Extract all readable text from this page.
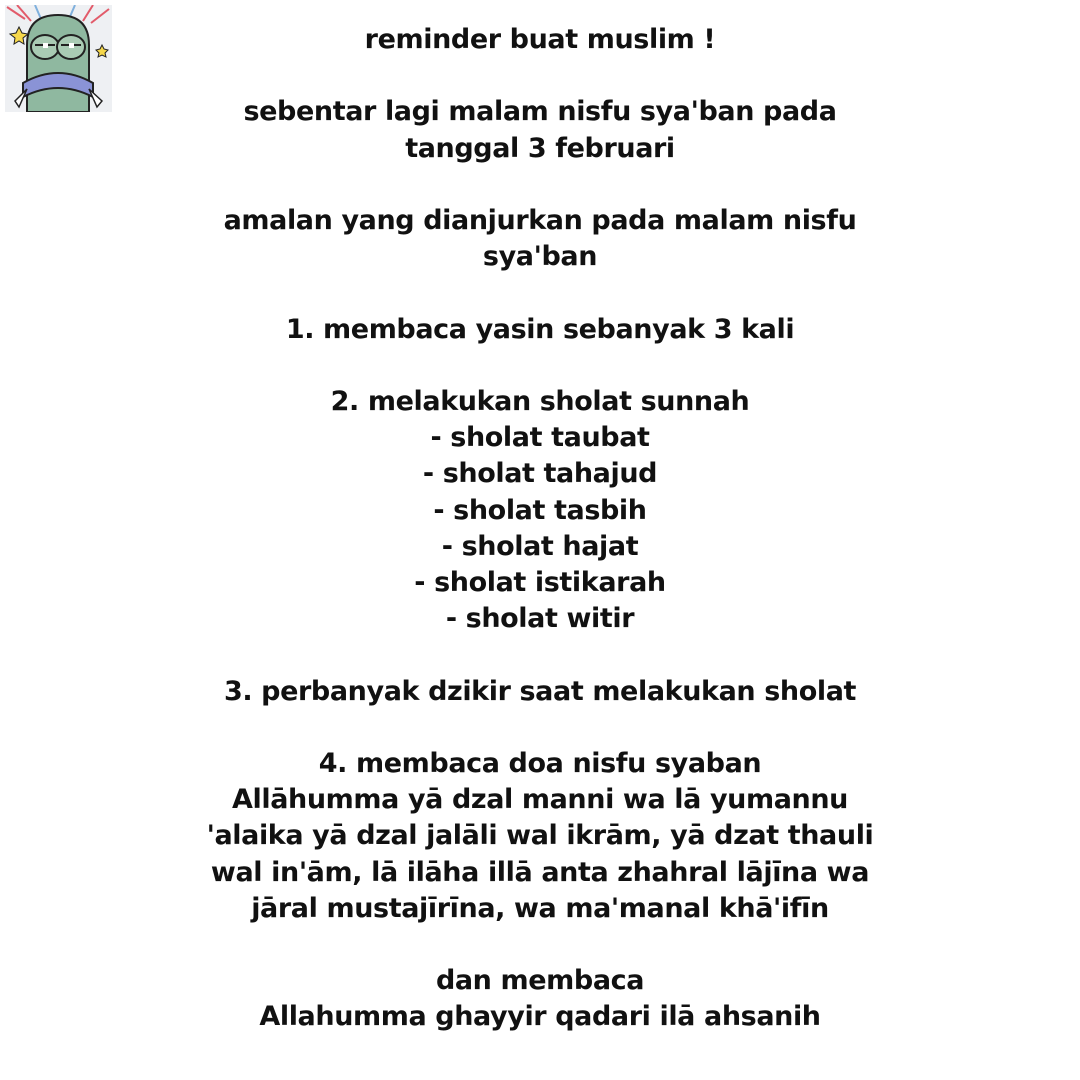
reminder buat muslim !
sebentar lagi malam nisfu sya'ban pada
tanggal 3 februari
amalan yang dianjurkan pada malam nisfu
sya'ban
1. membaca yasin sebanyak 3 kali
2. melakukan sholat sunnah
- sholat taubat
- sholat tahajud
- sholat tasbih
- sholat hajat
- sholat istikarah
- sholat witir
3. perbanyak dzikir saat melakukan sholat
4. membaca doa nisfu syaban
Allāhumma yā dzal manni wa lā yumannu
'alaika yā dzal jalāli wal ikrām, yā dzat thauli
wal in'ām, lā ilāha illā anta zhahral lājīna wa
jāral mustajīrīna, wa ma'manal khā'ifīn
dan membaca
Allahumma ghayyir qadari ilā ahsanih
